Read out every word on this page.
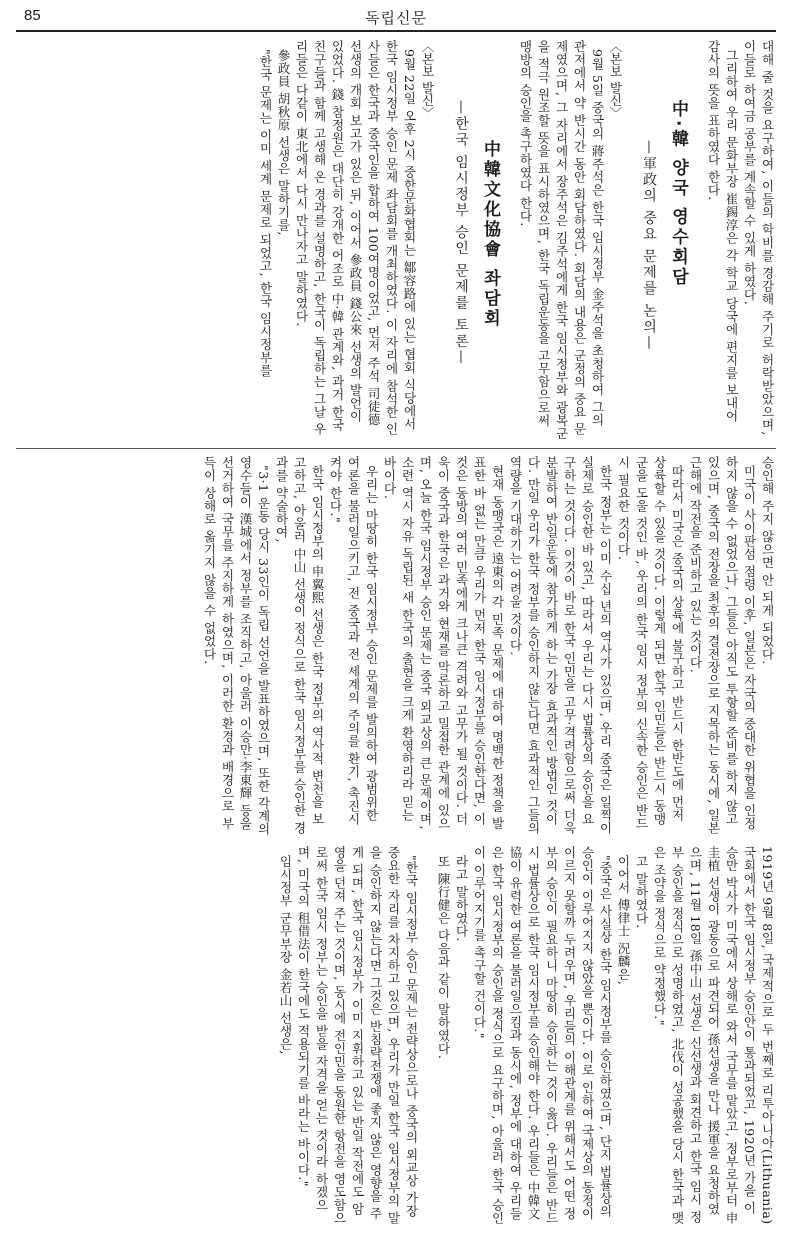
85	독립신문
대해 줄 것을 요구하여, 이들의 학비를 경감해 주기로 허락받았으며, 이들로 하여금 공부를 계속할 수 있게 하였다.
그리하여 우리 문화부장 崔錫淳은 각 학교 당국에 편지를 보내어 감사의 뜻을 표하였다 한다.
中·韓 양국 영수회담
—軍政의 중요 문제를 논의—
〈본보 발신〉
9월 5일 중국의 蔣주석은 한국 임시정부 金주석을 초청하여 그의 관저에서 약 반시간 동안 회담하였다. 회담의 내용은 군정의 중요 문제였으며, 그 자리에서 장주석은 김주석에게 한국 임시정부와 광복군을 적극 원조할 뜻을 표시하였으며, 한국 독립운동을 고무함으로써 맹방의 승인을 촉구하였다 한다.
中韓文化協會 좌담회
—한국 임시정부 승인 문제를 토론—
〈본보 발신〉
9월 22일 오후 2시 중한문화협회는 鄒容路에 있는 협회 식당에서 한국 임시정부 승인 문제 좌담회를 개최하였다. 이 자리에 참석한 인사들은 한국과 중국인을 합하여 100여명이었고, 먼저 주석 司徒德 선생의 개회 보고가 있은 뒤, 이어서 參政員 錢公來 선생의 발언이 있었다. 錢 참정원은 대단히 강개한 어조로 中·韓 관계와, 과거 한국 친구들과 함께 고생해 온 경과를 설명하고, 한국이 독립하는 그날 우리들은 다같이 東北에서 다시 만나자고 말하였다.
參政員 胡秋原 선생은 말하기를,
"한국 문제는 이미 세계 문제로 되었고, 한국 임시정부를
승인해 주지 않으면 안 되게 되었다.
미국이 사이판섬 점령 이후, 일본은 자국의 중대한 위협을 인정하지 않을 수 없었으나, 그들은 아직도 투항할 준비를 하지 않고 있으며, 중국의 전장을 최후의 결전장으로 지목하는 동시에, 일본 근해에 작전을 준비하고 있는 것이다.
따라서 미국은 중국의 상륙에 불구하고 반드시 한반도에 먼저 상륙할 수 있을 것이다. 이렇게 되면 한국 인민들은 반드시 동맹군을 도울 것인 바, 우리의 한국 임시 정부의 신속한 승인은 반드시 필요한 것이다.
한국 정부는 이미 수십 년의 역사가 있으며, 우리 중국은 일찍이 실제로 승인한 바 있고, 따라서 우리는 다시 법률상의 승인을 요구하는 것이다. 이것이 바로 한국 인민을 고무·격려함으로써 더욱 분발하여 반일운동에 참가하게 하는 가장 효과적인 방법인 것이다. 만일 우리가 한국 정부를 승인하지 않는다면 효과적인 그들의 역량을 기대하기는 어려울 것이다.
현재 동맹국은 遠東의 각 민족 문제에 대하여 명백한 정책을 발표한 바 없는 만큼 우리가 먼저 한국 임시정부를 승인한다면, 이것은 동방의 여러 민족에게 크나큰 격려와 고무가 될 것이다. 더욱이 중국과 한국은 과거와 현재를 막론하고 밀접한 관계에 있으며, 오늘 한국 임시정부 승인 문제는 중국 외교상의 큰 문제이며, 소련 역시 자유 독립된 새 한국의 출현을 크게 환영하리라 믿는 바이다.
우리는 마땅히 한국 임시정부 승인 문제를 발의하여 광범위한 여론을 불러일으키고, 전 중국과 전 세계의 주의를 환기, 촉진시켜야 한다."
한국 임시정부의 申翼熙 선생은 한국 정부의 역사적 변천을 보고하고, 아울러 中山 선생이 정식으로 한국 임시정부를 승인한 경과를 약술하여,
"3·1 운동 당시 33인이 독립 선언을 발표하였으며, 또한 각계의 영수들이 漢城에서 정부를 조직하고, 아울러 이승만·李東輝 등을 선거하여 국무를 주지하게 하였으며, 이러한 환경과 배경으로 부득이 상해로 옮기지 않을 수 없었다.
1919년 9월 8일, 국제적으로 두 번째로 리투아니아(Lithuania) 국회에서 한국 임시정부 승인안이 통과되었고, 1920년 가을 이승만 박사가 미국에서 상해로 와서 국무를 맡았고, 정부로부터 申圭植 선생이 광동으로 파견되어 孫선생을 만나 援軍을 요청하였으며, 11월 18일 孫中山 선생은 신선생과 회견하고 한국 임시 정부 승인을 정식으로 성명하였고, 北伐이 성공했을 당시 한국과 맺은 조약을 정식으로 약정했다."
고 말하였다.
이어서 傅律士 況麟은,
"중국은 사실상 한국 임시정부를 승인하였으며, 단지 법률상의 승인이 이루어지지 않았을 뿐이다. 이로 인하여 국제상의 동정이 이르지 못할까 두려우며, 우리들의 이해관계를 위해서도 어떤 정부의 승인이 필요하니 마땅히 승인하는 것이 옳다. 우리들은 반드시 법률상으로 한국 임시정부를 승인해야 한다. 우리들은 中韓文協이 유력한 여론을 불러일으킴과 동시에, 정부에 대하여 우리들은 한국 임시정부의 승인을 정식으로 요구하며, 아울러 한국 승인이 이루어지기를 촉구할 건이다."
라고 말하였다.
또 陳行健은 다음과 같이 말하였다.
"한국 임시정부 승인 문제는 전략상으로나 중국의 외교상 가장 중요한 자리를 차지하고 있으며, 우리가 만일 한국 임시정부의 말을 승인하지 않는다면 그것은 반침략전쟁에 좋지 않은 영향을 주게 되며, 한국 임시정부가 이미 지휘하고 있는 반일 작전에도 암영을 던져 주는 것이며, 동시에 전인민을 동원한 항전을 영도함으로써 한국 임시 정부는 승인을 받을 자격을 얻는 것이라 하겠으며, 미국의 租借法이 한국에도 적용되기를 바라는 바이다."
임시정부 군무부장 金若山 선생은,
